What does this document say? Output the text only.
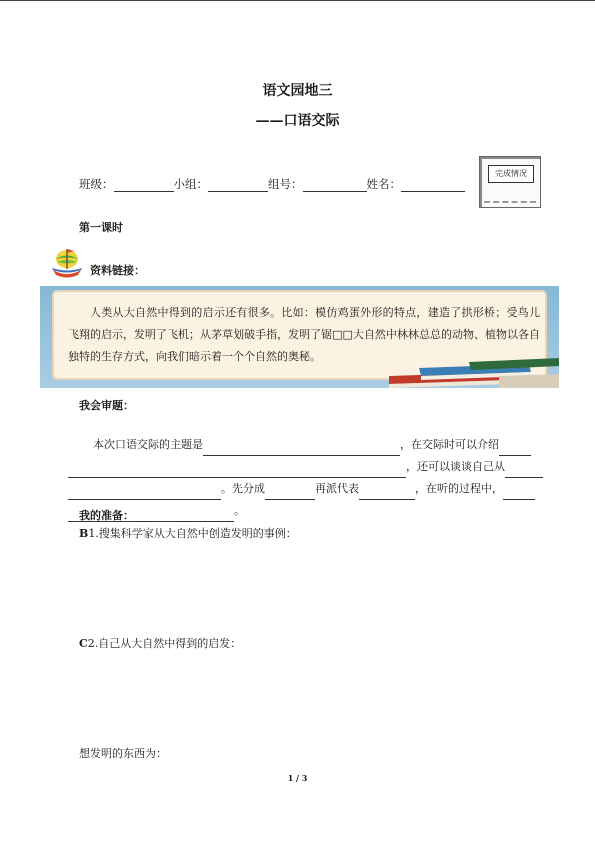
语文园地三
——口语交际
班级：	小组：	组号：	姓名：
完成情况
第一课时
资料链接：
人类从大自然中得到的启示还有很多。比如：模仿鸡蛋外形的特点，建造了拱形桥；受鸟儿飞翔的启示，发明了飞机；从茅草划破手指，发明了锯□□大自然中林林总总的动物、植物以各自独特的生存方式，向我们暗示着一个个自然的奥秘。
我会审题：

本次口语交际的主题是	，在交际时可以介绍

，还可以谈谈自己从

。先分成	再派代表	，在听的过程中，

。

我的准备：
B1.搜集科学家从大自然中创造发明的事例：
C2.自己从大自然中得到的启发：
想发明的东西为：
1 / 3
